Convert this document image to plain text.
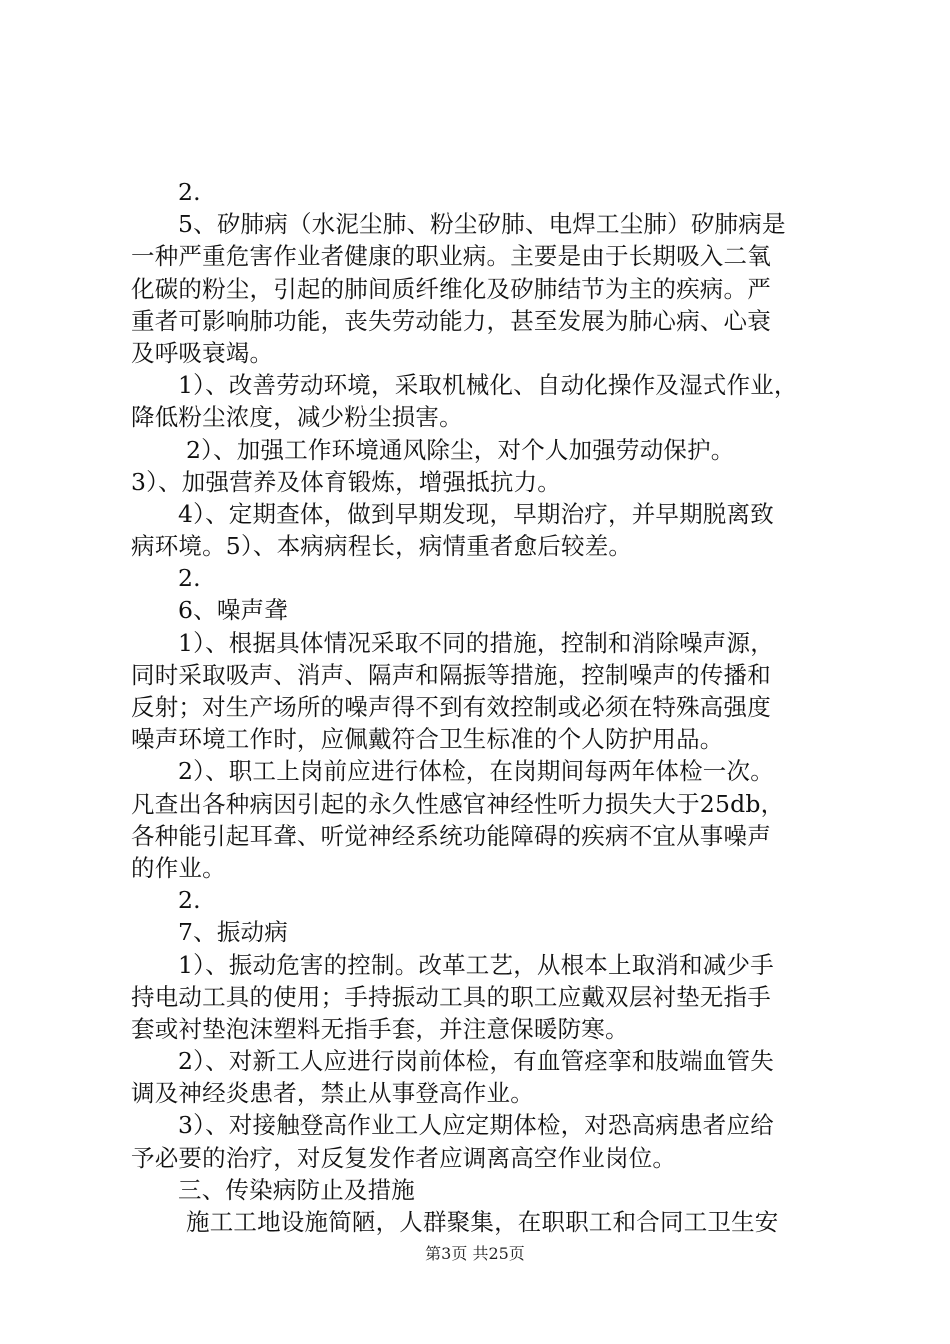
2.
5、矽肺病（水泥尘肺、粉尘矽肺、电焊工尘肺）矽肺病是
一种严重危害作业者健康的职业病。主要是由于长期吸入二氧
化碳的粉尘，引起的肺间质纤维化及矽肺结节为主的疾病。严
重者可影响肺功能，丧失劳动能力，甚至发展为肺心病、心衰
及呼吸衰竭。
1）、改善劳动环境，采取机械化、自动化操作及湿式作业，
降低粉尘浓度，减少粉尘损害。
2）、加强工作环境通风除尘，对个人加强劳动保护。
3）、加强营养及体育锻炼，增强抵抗力。
4）、定期查体，做到早期发现，早期治疗，并早期脱离致
病环境。5）、本病病程长，病情重者愈后较差。
2.
6、噪声聋
1）、根据具体情况采取不同的措施，控制和消除噪声源，
同时采取吸声、消声、隔声和隔振等措施，控制噪声的传播和
反射；对生产场所的噪声得不到有效控制或必须在特殊高强度
噪声环境工作时，应佩戴符合卫生标准的个人防护用品。
2）、职工上岗前应进行体检，在岗期间每两年体检一次。
凡查出各种病因引起的永久性感官神经性听力损失大于25db，
各种能引起耳聋、听觉神经系统功能障碍的疾病不宜从事噪声
的作业。
2.
7、振动病
1）、振动危害的控制。改革工艺，从根本上取消和减少手
持电动工具的使用；手持振动工具的职工应戴双层衬垫无指手
套或衬垫泡沫塑料无指手套，并注意保暖防寒。
2）、对新工人应进行岗前体检，有血管痉挛和肢端血管失
调及神经炎患者，禁止从事登高作业。
3）、对接触登高作业工人应定期体检，对恐高病患者应给
予必要的治疗，对反复发作者应调离高空作业岗位。
三、传染病防止及措施
施工工地设施简陋，人群聚集，在职职工和合同工卫生安
第3页 共25页
